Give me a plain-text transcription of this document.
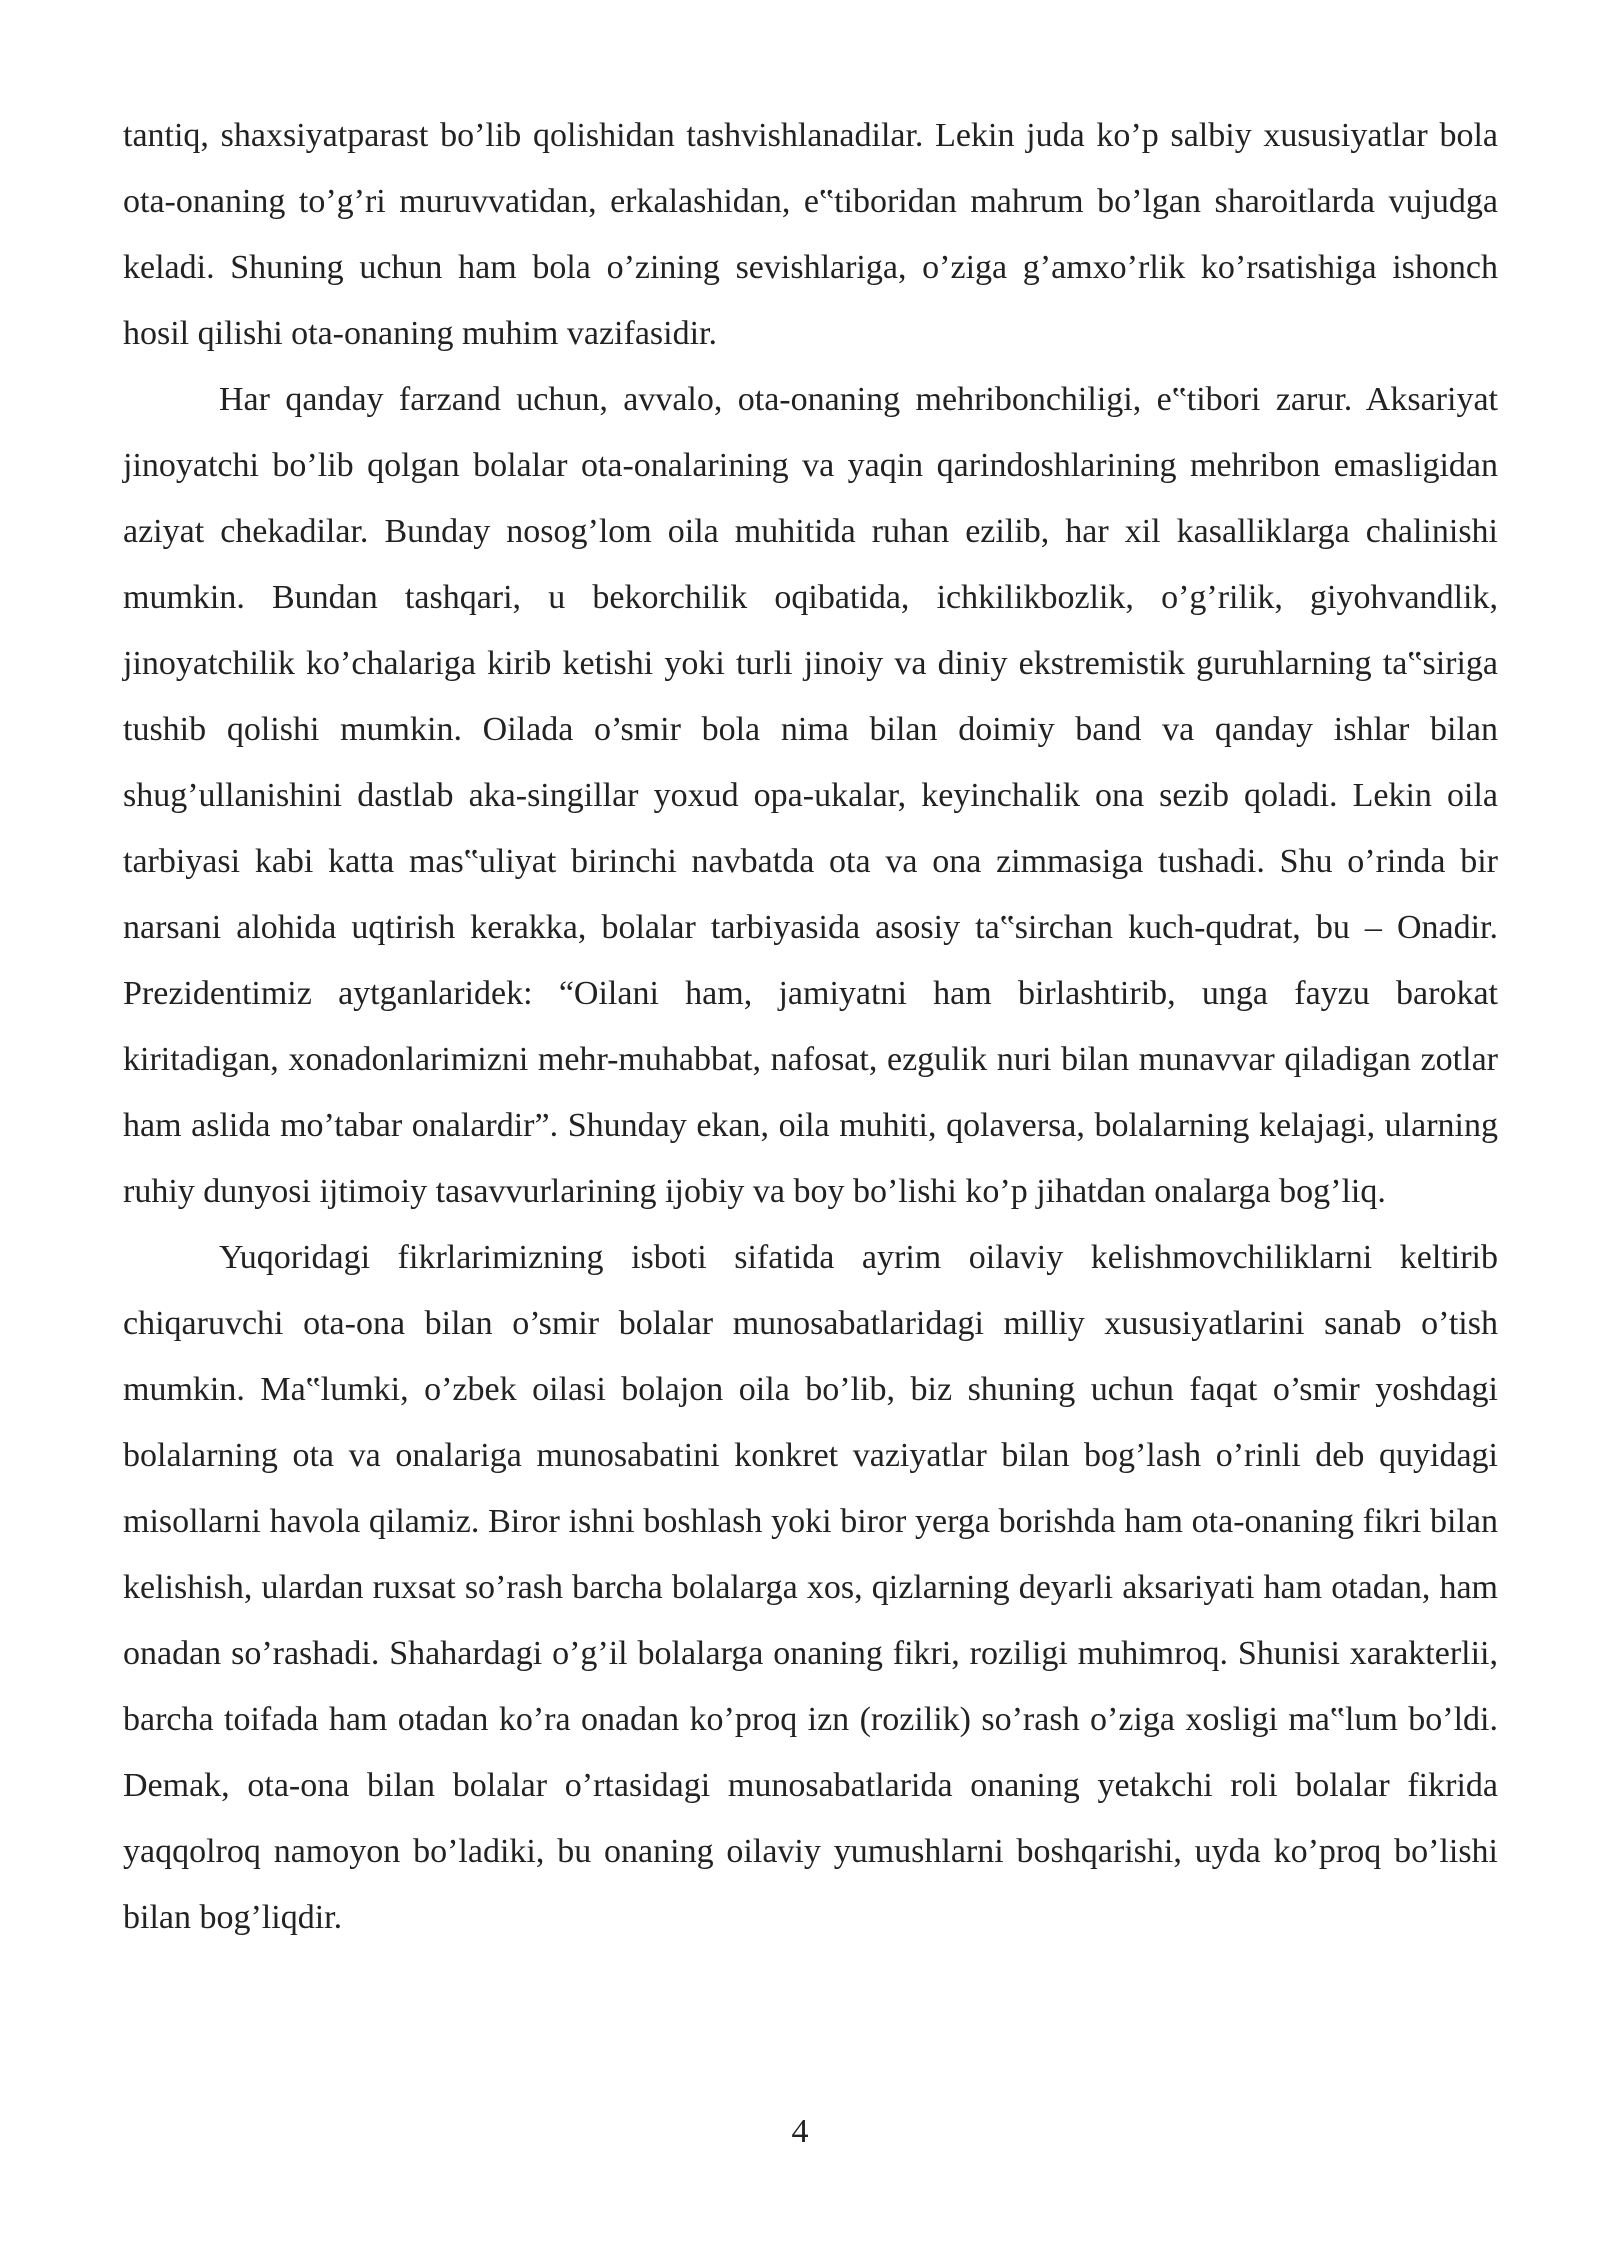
tantiq, shaxsiyatparast bo’lib qolishidan tashvishlanadilar. Lekin juda ko’p salbiy xususiyatlar bola ota-onaning to’g’ri muruvvatidan, erkalashidan, e‟tiboridan mahrum bo’lgan sharoitlarda vujudga keladi. Shuning uchun ham bola o’zining sevishlariga, o’ziga g’amxo’rlik ko’rsatishiga ishonch hosil qilishi ota-onaning muhim vazifasidir.

Har qanday farzand uchun, avvalo, ota-onaning mehribonchiligi, e‟tibori zarur. Aksariyat jinoyatchi bo’lib qolgan bolalar ota-onalarining va yaqin qarindoshlarining mehribon emasligidan aziyat chekadilar. Bunday nosog’lom oila muhitida ruhan ezilib, har xil kasalliklarga chalinishi mumkin. Bundan tashqari, u bekorchilik oqibatida, ichkilikbozlik, o’g’rilik, giyohvandlik, jinoyatchilik ko’chalariga kirib ketishi yoki turli jinoiy va diniy ekstremistik guruhlarning ta‟siriga tushib qolishi mumkin. Oilada o’smir bola nima bilan doimiy band va qanday ishlar bilan shug’ullanishini dastlab aka-singillar yoxud opa-ukalar, keyinchalik ona sezib qoladi. Lekin oila tarbiyasi kabi katta mas‟uliyat birinchi navbatda ota va ona zimmasiga tushadi. Shu o’rinda bir narsani alohida uqtirish kerakka, bolalar tarbiyasida asosiy ta‟sirchan kuch-qudrat, bu – Onadir. Prezidentimiz aytganlaridek: “Oilani ham, jamiyatni ham birlashtirib, unga fayzu barokat kiritadigan, xonadonlarimizni mehr-muhabbat, nafosat, ezgulik nuri bilan munavvar qiladigan zotlar ham aslida mo’tabar onalardir”. Shunday ekan, oila muhiti, qolaversa, bolalarning kelajagi, ularning ruhiy dunyosi ijtimoiy tasavvurlarining ijobiy va boy bo’lishi ko’p jihatdan onalarga bog’liq.

Yuqoridagi fikrlarimizning isboti sifatida ayrim oilaviy kelishmovchiliklarni keltirib chiqaruvchi ota-ona bilan o’smir bolalar munosabatlaridagi milliy xususiyatlarini sanab o’tish mumkin. Ma‟lumki, o’zbek oilasi bolajon oila bo’lib, biz shuning uchun faqat o’smir yoshdagi bolalarning ota va onalariga munosabatini konkret vaziyatlar bilan bog’lash o’rinli deb quyidagi misollarni havola qilamiz. Biror ishni boshlash yoki biror yerga borishda ham ota-onaning fikri bilan kelishish, ulardan ruxsat so’rash barcha bolalarga xos, qizlarning deyarli aksariyati ham otadan, ham onadan so’rashadi. Shahardagi o’g’il bolalarga onaning fikri, roziligi muhimroq. Shunisi xarakterlii, barcha toifada ham otadan ko’ra onadan ko’proq izn (rozilik) so’rash o’ziga xosligi ma‟lum bo’ldi. Demak, ota-ona bilan bolalar o’rtasidagi munosabatlarida onaning yetakchi roli bolalar fikrida yaqqolroq namoyon bo’ladiki, bu onaning oilaviy yumushlarni boshqarishi, uyda ko’proq bo’lishi bilan bog’liqdir.

4
